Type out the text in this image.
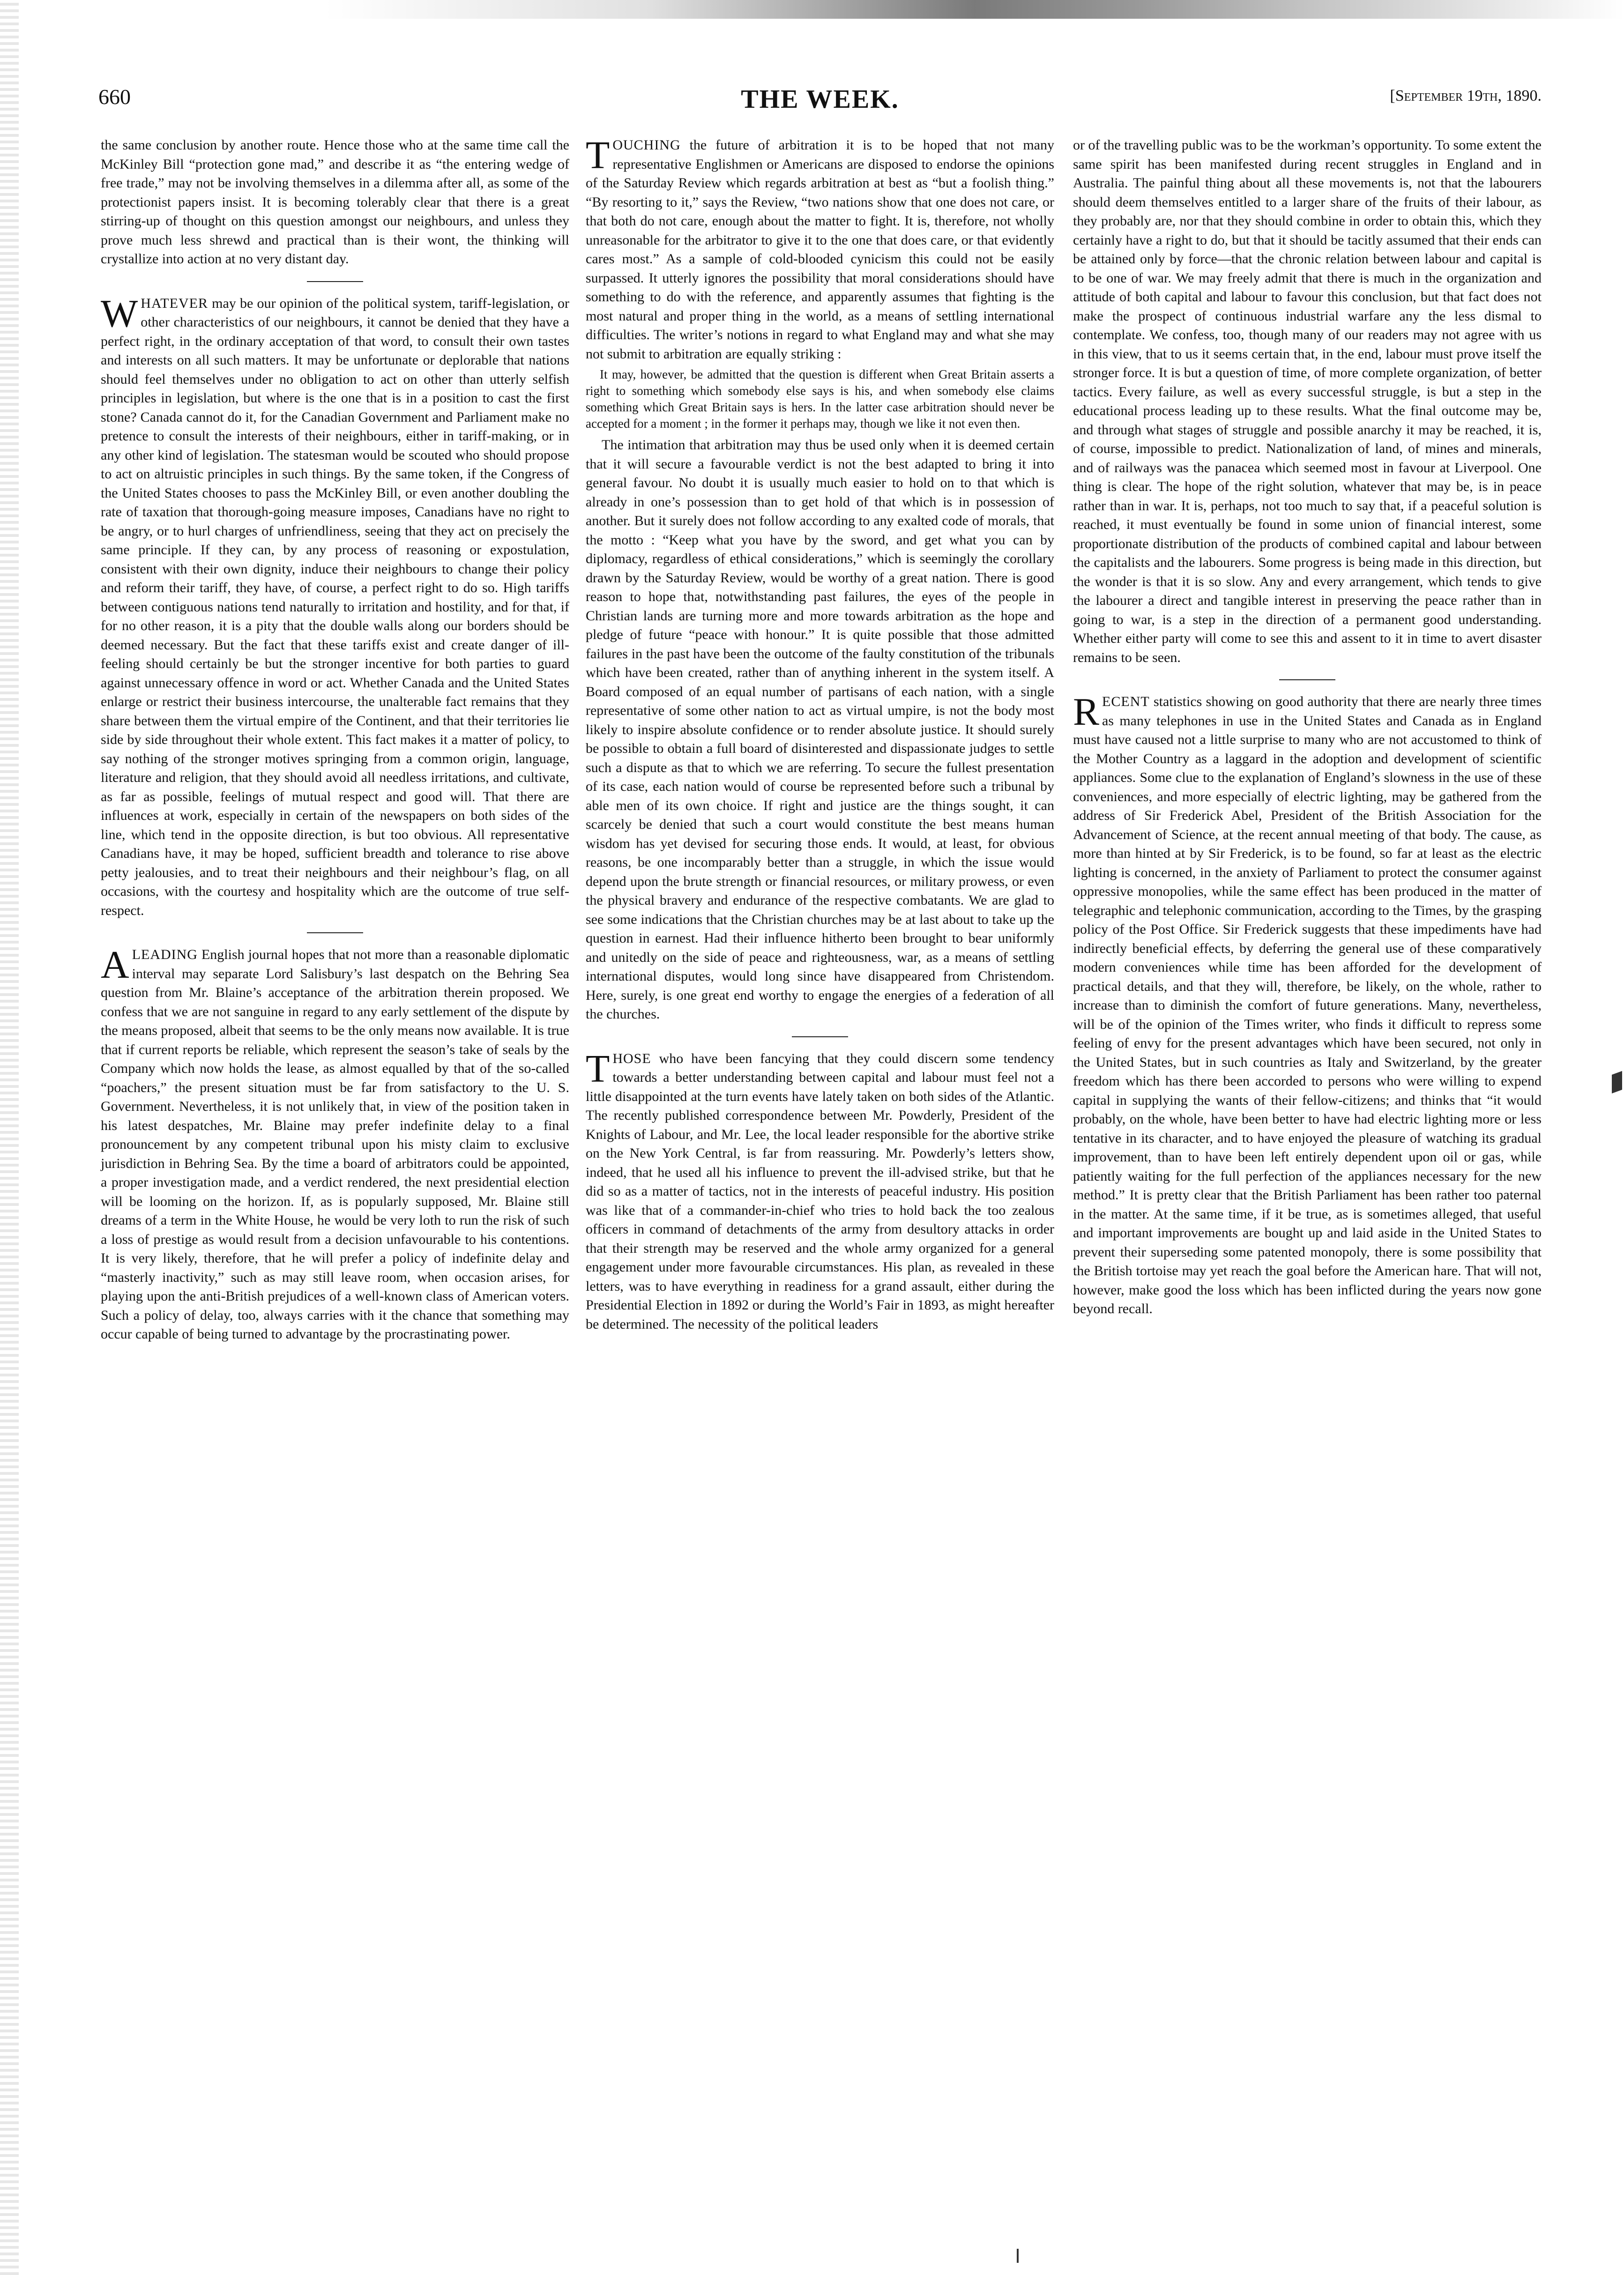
660	THE WEEK.	[September 19th, 1890.

the same conclusion by another route. Hence those who at the same time call the McKinley Bill “protection gone mad,” and describe it as “the entering wedge of free trade,” may not be involving themselves in a dilemma after all, as some of the protectionist papers insist. It is becoming tolerably clear that there is a great stirring-up of thought on this question amongst our neighbours, and unless they prove much less shrewd and practical than is their wont, the thinking will crystallize into action at no very distant day.

WHATEVER may be our opinion of the political system, tariff-legislation, or other characteristics of our neighbours, it cannot be denied that they have a perfect right, in the ordinary acceptation of that word, to consult their own tastes and interests on all such matters. It may be unfortunate or deplorable that nations should feel themselves under no obligation to act on other than utterly selfish principles in legislation, but where is the one that is in a position to cast the first stone? Canada cannot do it, for the Canadian Government and Parliament make no pretence to consult the interests of their neighbours, either in tariff-making, or in any other kind of legislation. The statesman would be scouted who should propose to act on altruistic principles in such things. By the same token, if the Congress of the United States chooses to pass the McKinley Bill, or even another doubling the rate of taxation that thorough-going measure imposes, Canadians have no right to be angry, or to hurl charges of unfriendliness, seeing that they act on precisely the same principle. If they can, by any process of reasoning or expostulation, consistent with their own dignity, induce their neighbours to change their policy and reform their tariff, they have, of course, a perfect right to do so. High tariffs between contiguous nations tend naturally to irritation and hostility, and for that, if for no other reason, it is a pity that the double walls along our borders should be deemed necessary. But the fact that these tariffs exist and create danger of ill-feeling should certainly be but the stronger incentive for both parties to guard against unnecessary offence in word or act. Whether Canada and the United States enlarge or restrict their business intercourse, the unalterable fact remains that they share between them the virtual empire of the Continent, and that their territories lie side by side throughout their whole extent. This fact makes it a matter of policy, to say nothing of the stronger motives springing from a common origin, language, literature and religion, that they should avoid all needless irritations, and cultivate, as far as possible, feelings of mutual respect and good will. That there are influences at work, especially in certain of the newspapers on both sides of the line, which tend in the opposite direction, is but too obvious. All representative Canadians have, it may be hoped, sufficient breadth and tolerance to rise above petty jealousies, and to treat their neighbours and their neighbour’s flag, on all occasions, with the courtesy and hospitality which are the outcome of true self-respect.

ALEADING English journal hopes that not more than a reasonable diplomatic interval may separate Lord Salisbury’s last despatch on the Behring Sea question from Mr. Blaine’s acceptance of the arbitration therein proposed. We confess that we are not sanguine in regard to any early settlement of the dispute by the means proposed, albeit that seems to be the only means now available. It is true that if current reports be reliable, which represent the season’s take of seals by the Company which now holds the lease, as almost equalled by that of the so-called “poachers,” the present situation must be far from satisfactory to the U. S. Government. Nevertheless, it is not unlikely that, in view of the position taken in his latest despatches, Mr. Blaine may prefer indefinite delay to a final pronouncement by any competent tribunal upon his misty claim to exclusive jurisdiction in Behring Sea. By the time a board of arbitrators could be appointed, a proper investigation made, and a verdict rendered, the next presidential election will be looming on the horizon. If, as is popularly supposed, Mr. Blaine still dreams of a term in the White House, he would be very loth to run the risk of such a loss of prestige as would result from a decision unfavourable to his contentions. It is very likely, therefore, that he will prefer a policy of indefinite delay and “masterly inactivity,” such as may still leave room, when occasion arises, for playing upon the anti-British prejudices of a well-known class of American voters. Such a policy of delay, too, always carries with it the chance that something may occur capable of being turned to advantage by the procrastinating power.

TOUCHING the future of arbitration it is to be hoped that not many representative Englishmen or Americans are disposed to endorse the opinions of the Saturday Review which regards arbitration at best as “but a foolish thing.” “By resorting to it,” says the Review, “two nations show that one does not care, or that both do not care, enough about the matter to fight. It is, therefore, not wholly unreasonable for the arbitrator to give it to the one that does care, or that evidently cares most.” As a sample of cold-blooded cynicism this could not be easily surpassed. It utterly ignores the possibility that moral considerations should have something to do with the reference, and apparently assumes that fighting is the most natural and proper thing in the world, as a means of settling international difficulties. The writer’s notions in regard to what England may and what she may not submit to arbitration are equally striking :

It may, however, be admitted that the question is different when Great Britain asserts a right to something which somebody else says is his, and when somebody else claims something which Great Britain says is hers. In the latter case arbitration should never be accepted for a moment ; in the former it perhaps may, though we like it not even then.

The intimation that arbitration may thus be used only when it is deemed certain that it will secure a favourable verdict is not the best adapted to bring it into general favour. No doubt it is usually much easier to hold on to that which is already in one’s possession than to get hold of that which is in possession of another. But it surely does not follow according to any exalted code of morals, that the motto : “Keep what you have by the sword, and get what you can by diplomacy, regardless of ethical considerations,” which is seemingly the corollary drawn by the Saturday Review, would be worthy of a great nation. There is good reason to hope that, notwithstanding past failures, the eyes of the people in Christian lands are turning more and more towards arbitration as the hope and pledge of future “peace with honour.” It is quite possible that those admitted failures in the past have been the outcome of the faulty constitution of the tribunals which have been created, rather than of anything inherent in the system itself. A Board composed of an equal number of partisans of each nation, with a single representative of some other nation to act as virtual umpire, is not the body most likely to inspire absolute confidence or to render absolute justice. It should surely be possible to obtain a full board of disinterested and dispassionate judges to settle such a dispute as that to which we are referring. To secure the fullest presentation of its case, each nation would of course be represented before such a tribunal by able men of its own choice. If right and justice are the things sought, it can scarcely be denied that such a court would constitute the best means human wisdom has yet devised for securing those ends. It would, at least, for obvious reasons, be one incomparably better than a struggle, in which the issue would depend upon the brute strength or financial resources, or military prowess, or even the physical bravery and endurance of the respective combatants. We are glad to see some indications that the Christian churches may be at last about to take up the question in earnest. Had their influence hitherto been brought to bear uniformly and unitedly on the side of peace and righteousness, war, as a means of settling international disputes, would long since have disappeared from Christendom. Here, surely, is one great end worthy to engage the energies of a federation of all the churches.

THOSE who have been fancying that they could discern some tendency towards a better understanding between capital and labour must feel not a little disappointed at the turn events have lately taken on both sides of the Atlantic. The recently published correspondence between Mr. Powderly, President of the Knights of Labour, and Mr. Lee, the local leader responsible for the abortive strike on the New York Central, is far from reassuring. Mr. Powderly’s letters show, indeed, that he used all his influence to prevent the ill-advised strike, but that he did so as a matter of tactics, not in the interests of peaceful industry. His position was like that of a commander-in-chief who tries to hold back the too zealous officers in command of detachments of the army from desultory attacks in order that their strength may be reserved and the whole army organized for a general engagement under more favourable circumstances. His plan, as revealed in these letters, was to have everything in readiness for a grand assault, either during the Presidential Election in 1892 or during the World’s Fair in 1893, as might hereafter be determined. The necessity of the political leaders

or of the travelling public was to be the workman’s opportunity. To some extent the same spirit has been manifested during recent struggles in England and in Australia. The painful thing about all these movements is, not that the labourers should deem themselves entitled to a larger share of the fruits of their labour, as they probably are, nor that they should combine in order to obtain this, which they certainly have a right to do, but that it should be tacitly assumed that their ends can be attained only by force—that the chronic relation between labour and capital is to be one of war. We may freely admit that there is much in the organization and attitude of both capital and labour to favour this conclusion, but that fact does not make the prospect of continuous industrial warfare any the less dismal to contemplate. We confess, too, though many of our readers may not agree with us in this view, that to us it seems certain that, in the end, labour must prove itself the stronger force. It is but a question of time, of more complete organization, of better tactics. Every failure, as well as every successful struggle, is but a step in the educational process leading up to these results. What the final outcome may be, and through what stages of struggle and possible anarchy it may be reached, it is, of course, impossible to predict. Nationalization of land, of mines and minerals, and of railways was the panacea which seemed most in favour at Liverpool. One thing is clear. The hope of the right solution, whatever that may be, is in peace rather than in war. It is, perhaps, not too much to say that, if a peaceful solution is reached, it must eventually be found in some union of financial interest, some proportionate distribution of the products of combined capital and labour between the capitalists and the labourers. Some progress is being made in this direction, but the wonder is that it is so slow. Any and every arrangement, which tends to give the labourer a direct and tangible interest in preserving the peace rather than in going to war, is a step in the direction of a permanent good understanding. Whether either party will come to see this and assent to it in time to avert disaster remains to be seen.

RECENT statistics showing on good authority that there are nearly three times as many telephones in use in the United States and Canada as in England must have caused not a little surprise to many who are not accustomed to think of the Mother Country as a laggard in the adoption and development of scientific appliances. Some clue to the explanation of England’s slowness in the use of these conveniences, and more especially of electric lighting, may be gathered from the address of Sir Frederick Abel, President of the British Association for the Advancement of Science, at the recent annual meeting of that body. The cause, as more than hinted at by Sir Frederick, is to be found, so far at least as the electric lighting is concerned, in the anxiety of Parliament to protect the consumer against oppressive monopolies, while the same effect has been produced in the matter of telegraphic and telephonic communication, according to the Times, by the grasping policy of the Post Office. Sir Frederick suggests that these impediments have had indirectly beneficial effects, by deferring the general use of these comparatively modern conveniences while time has been afforded for the development of practical details, and that they will, therefore, be likely, on the whole, rather to increase than to diminish the comfort of future generations. Many, nevertheless, will be of the opinion of the Times writer, who finds it difficult to repress some feeling of envy for the present advantages which have been secured, not only in the United States, but in such countries as Italy and Switzerland, by the greater freedom which has there been accorded to persons who were willing to expend capital in supplying the wants of their fellow-citizens; and thinks that “it would probably, on the whole, have been better to have had electric lighting more or less tentative in its character, and to have enjoyed the pleasure of watching its gradual improvement, than to have been left entirely dependent upon oil or gas, while patiently waiting for the full perfection of the appliances necessary for the new method.” It is pretty clear that the British Parliament has been rather too paternal in the matter. At the same time, if it be true, as is sometimes alleged, that useful and important improvements are bought up and laid aside in the United States to prevent their superseding some patented monopoly, there is some possibility that the British tortoise may yet reach the goal before the American hare. That will not, however, make good the loss which has been inflicted during the years now gone beyond recall.
